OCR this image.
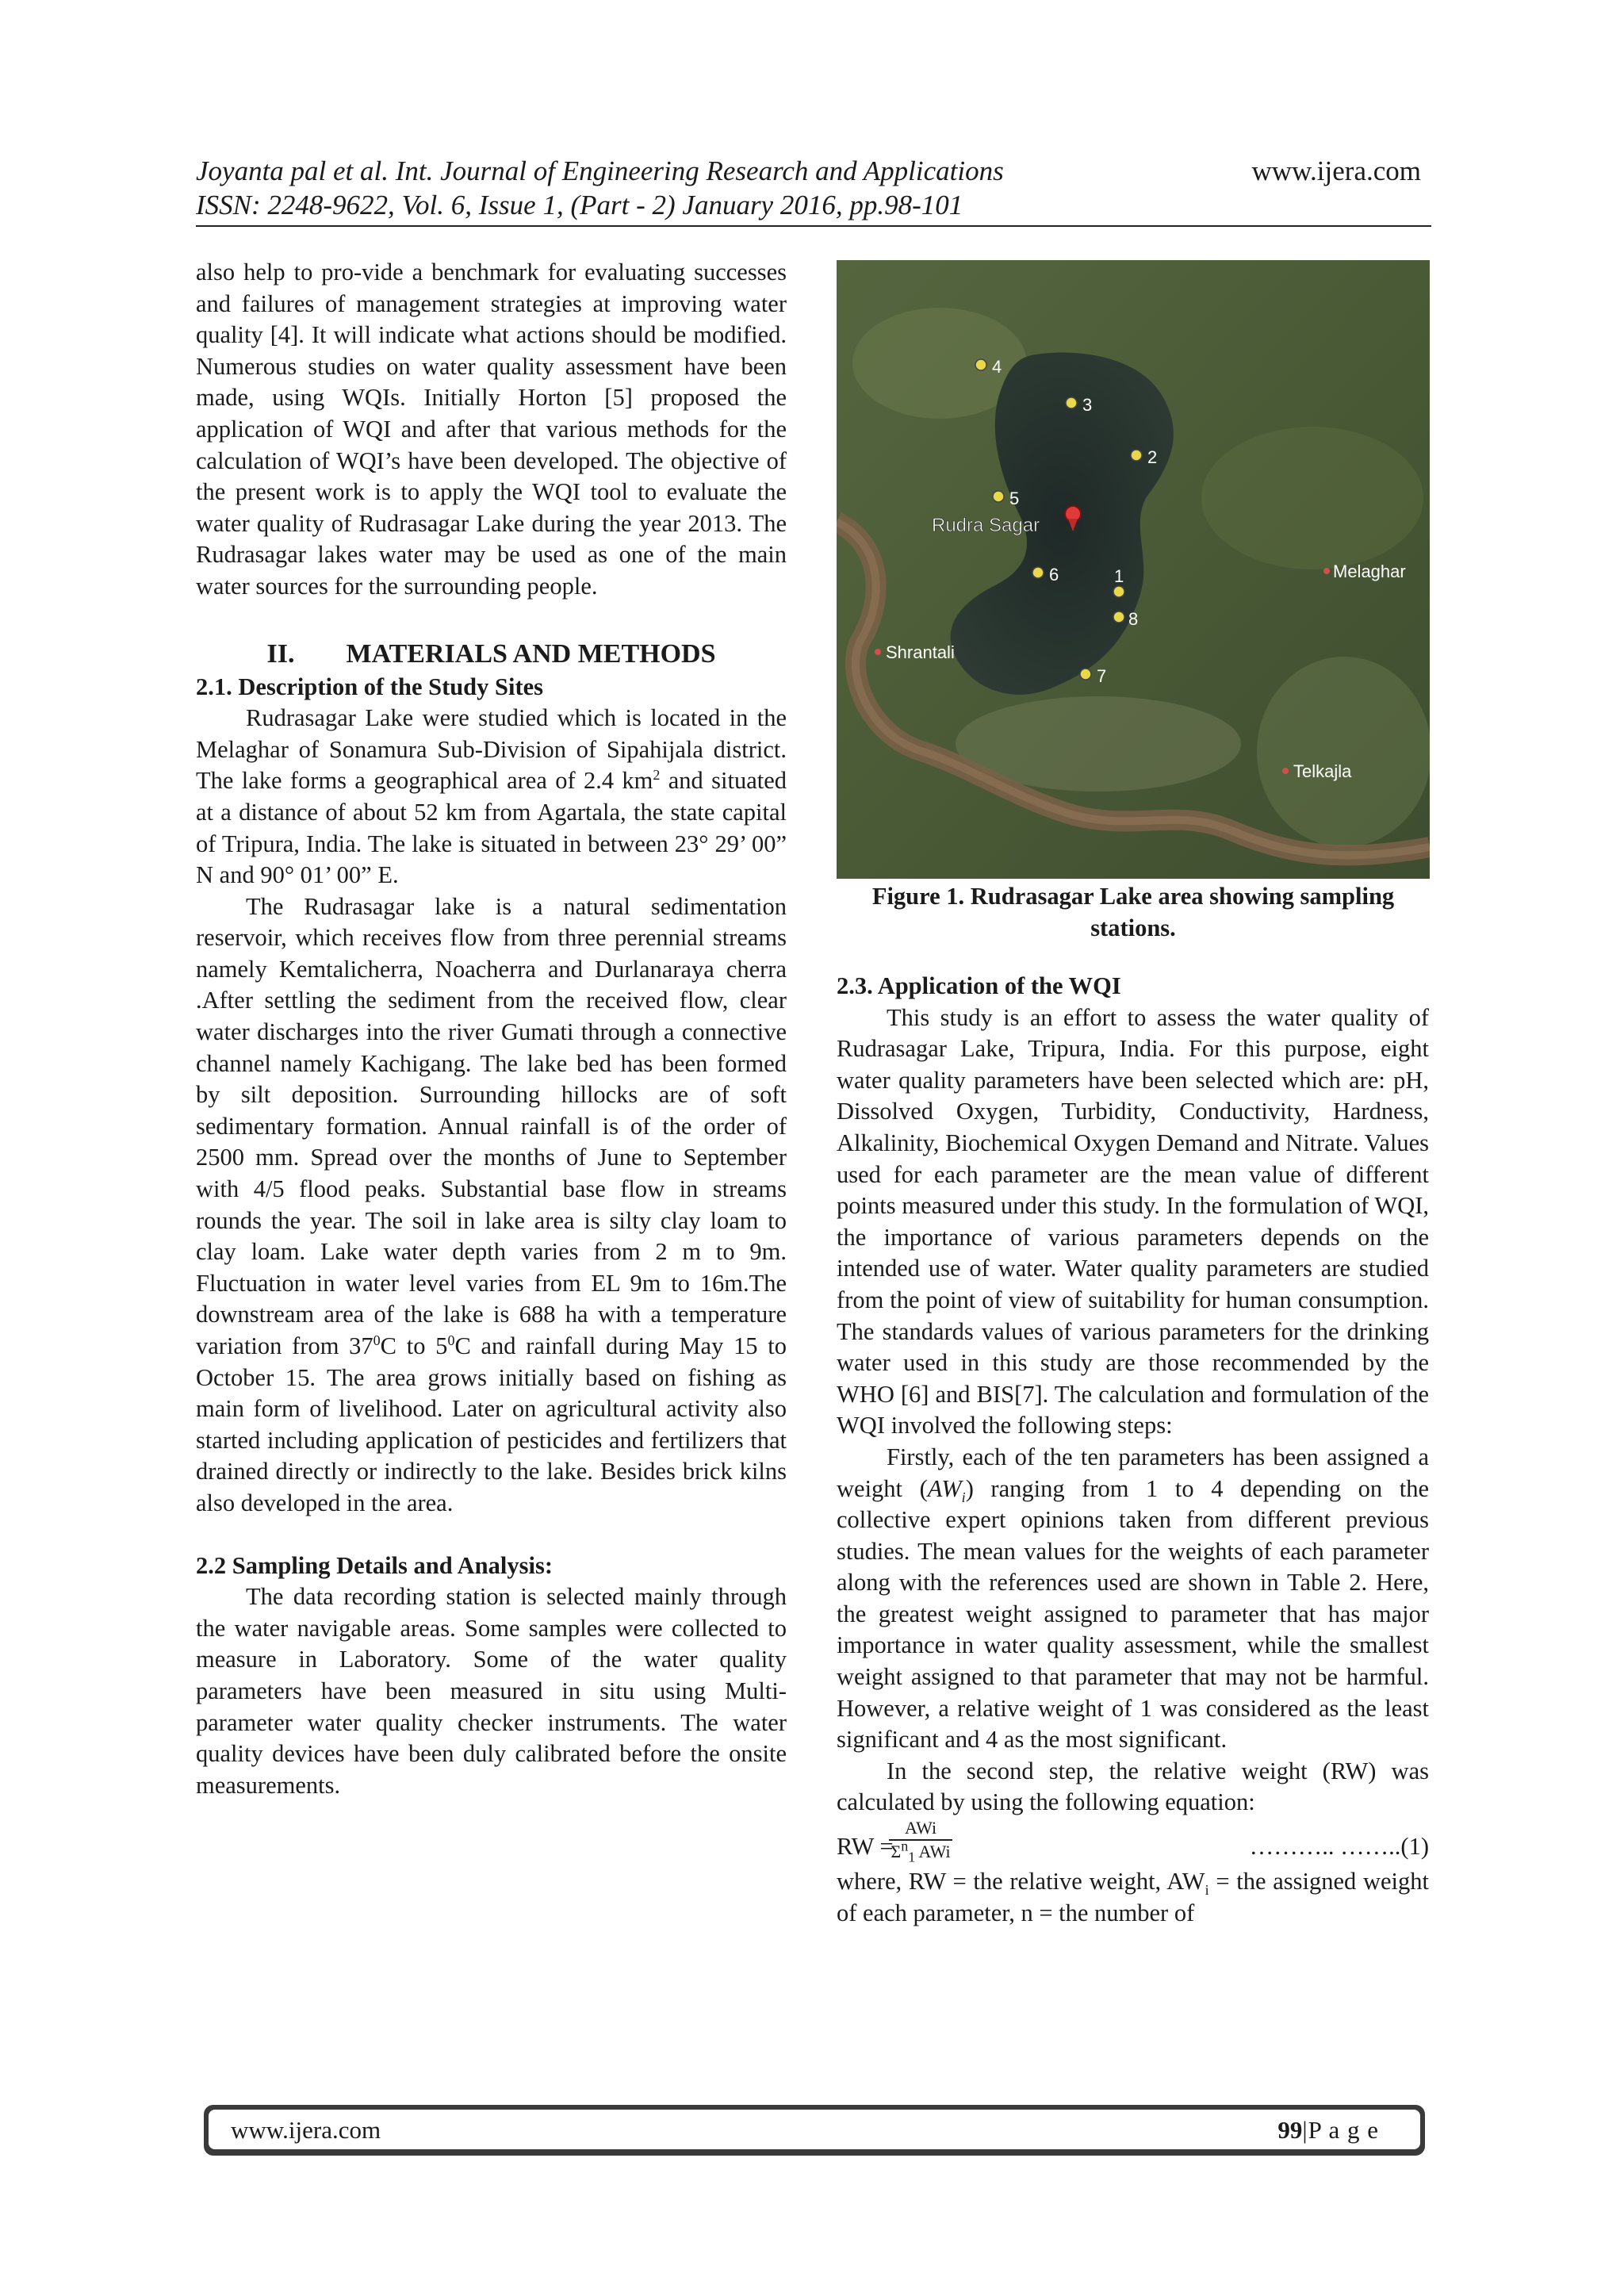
Joyanta pal et al. Int. Journal of Engineering Research and Applications	www.ijera.com
ISSN: 2248-9622, Vol. 6, Issue 1, (Part - 2) January 2016, pp.98-101

also help to pro-vide a benchmark for evaluating successes and failures of management strategies at improving water quality [4]. It will indicate what actions should be modified. Numerous studies on water quality assessment have been made, using WQIs. Initially Horton [5] proposed the application of WQI and after that various methods for the calculation of WQI’s have been developed. The objective of the present work is to apply the WQI tool to evaluate the water quality of Rudrasagar Lake during the year 2013. The Rudrasagar lakes water may be used as one of the main water sources for the surrounding people.

II. MATERIALS AND METHODS

2.1. Description of the Study Sites

Rudrasagar Lake were studied which is located in the Melaghar of Sonamura Sub-Division of Sipahijala district. The lake forms a geographical area of 2.4 $km^2$ and situated at a distance of about 52 km from Agartala, the state capital of Tripura, India. The lake is situated in between 23° 29’ 00” N and 90° 01’ 00” E.

The Rudrasagar lake is a natural sedimentation reservoir, which receives flow from three perennial streams namely Kemtalicherra, Noacherra and Durlanaraya cherra .After settling the sediment from the received flow, clear water discharges into the river Gumati through a connective channel namely Kachigang. The lake bed has been formed by silt deposition. Surrounding hillocks are of soft sedimentary formation. Annual rainfall is of the order of 2500 mm. Spread over the months of June to September with 4/5 flood peaks. Substantial base flow in streams rounds the year. The soil in lake area is silty clay loam to clay loam. Lake water depth varies from 2 m to 9m. Fluctuation in water level varies from EL 9m to 16m.The downstream area of the lake is 688 ha with a temperature variation from $37^0C$ to $5^0C$ and rainfall during May 15 to October 15. The area grows initially based on fishing as main form of livelihood. Later on agricultural activity also started including application of pesticides and fertilizers that drained directly or indirectly to the lake. Besides brick kilns also developed in the area.

2.2 Sampling Details and Analysis:

The data recording station is selected mainly through the water navigable areas. Some samples were collected to measure in Laboratory. Some of the water quality parameters have been measured in situ using Multi-parameter water quality checker instruments. The water quality devices have been duly calibrated before the onsite measurements.

4
3
2
5
6	1
8
7
Rudra Sagar
Melaghar
Shrantali
Telkajla
Figure 1. Rudrasagar Lake area showing sampling stations.

2.3. Application of the WQI

This study is an effort to assess the water quality of Rudrasagar Lake, Tripura, India. For this purpose, eight water quality parameters have been selected which are: pH, Dissolved Oxygen, Turbidity, Conductivity, Hardness, Alkalinity, Biochemical Oxygen Demand and Nitrate. Values used for each parameter are the mean value of different points measured under this study. In the formulation of WQI, the importance of various parameters depends on the intended use of water. Water quality parameters are studied from the point of view of suitability for human consumption. The standards values of various parameters for the drinking water used in this study are those recommended by the WHO [6] and BIS[7]. The calculation and formulation of the WQI involved the following steps:

Firstly, each of the ten parameters has been assigned a weight $(AW_i)$ ranging from 1 to 4 depending on the collective expert opinions taken from different previous studies. The mean values for the weights of each parameter along with the references used are shown in Table 2. Here, the greatest weight assigned to parameter that has major importance in water quality assessment, while the smallest weight assigned to that parameter that may not be harmful. However, a relative weight of 1 was considered as the least significant and 4 as the most significant.

In the second step, the relative weight (RW) was calculated by using the following equation:

RW =
AWi
$\Sigma^n_1$ AWi	……….. ……..(1)

where, RW = the relative weight, $AW_i$ = the assigned weight of each parameter, n = the number of

www.ijera.com	99|P a g e
